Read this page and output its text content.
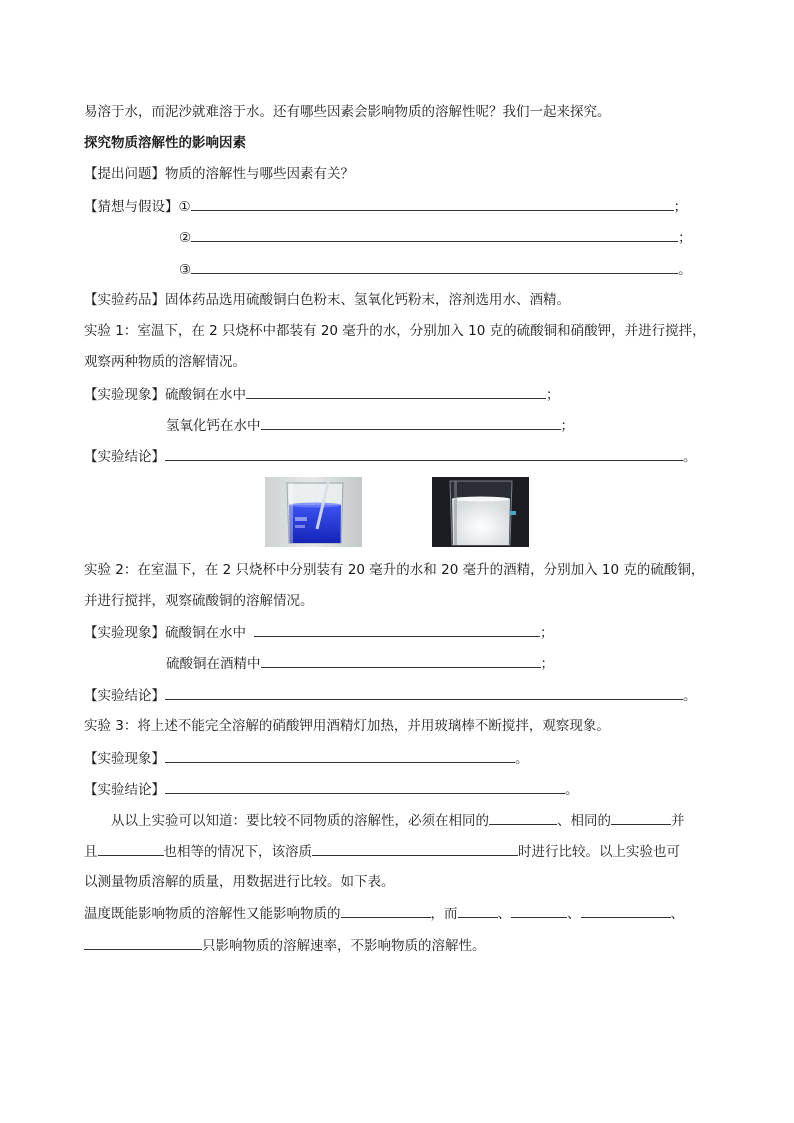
易溶于水，而泥沙就难溶于水。还有哪些因素会影响物质的溶解性呢？我们一起来探究。
探究物质溶解性的影响因素
【提出问题】物质的溶解性与哪些因素有关？
【猜想与假设】①	；
②	；
③	。
【实验药品】固体药品选用硫酸铜白色粉末、氢氧化钙粉末，溶剂选用水、酒精。
实验 1：室温下，在 2 只烧杯中都装有 20 毫升的水，分别加入 10 克的硫酸铜和硝酸钾，并进行搅拌，
观察两种物质的溶解情况。
【实验现象】硫酸铜在水中	；
氢氧化钙在水中	；
【实验结论】	。
实验 2：在室温下，在 2 只烧杯中分别装有 20 毫升的水和 20 毫升的酒精，分别加入 10 克的硫酸铜，
并进行搅拌，观察硫酸铜的溶解情况。
【实验现象】硫酸铜在水中	；
硫酸铜在酒精中	；
【实验结论】	。
实验 3：将上述不能完全溶解的硝酸钾用酒精灯加热，并用玻璃棒不断搅拌，观察现象。
【实验现象】	。
【实验结论】	。
从以上实验可以知道：要比较不同物质的溶解性，必须在相同的	、相同的	并
且	也相等的情况下，该溶质	时进行比较。以上实验也可
以测量物质溶解的质量，用数据进行比较。如下表。
温度既能影响物质的溶解性又能影响物质的	，而	、	、	、
只影响物质的溶解速率，不影响物质的溶解性。
